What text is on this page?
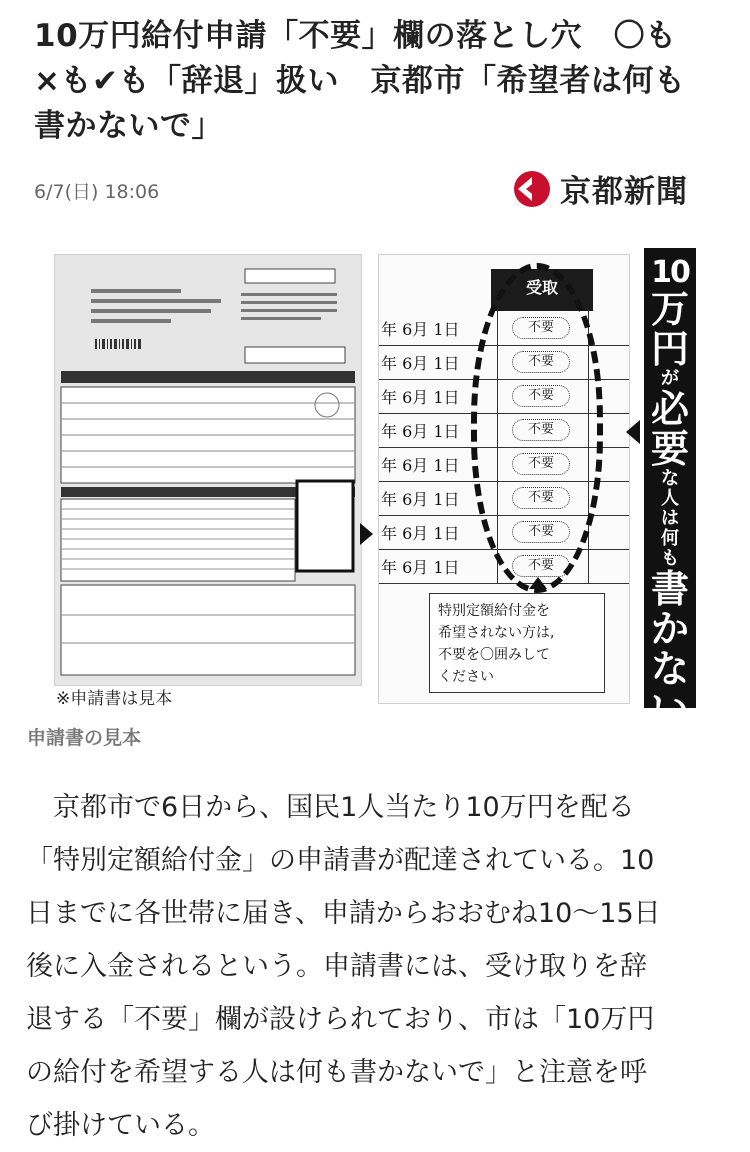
10万円給付申請「不要」欄の落とし穴　〇も
×も✔も「辞退」扱い　京都市「希望者は何も
書かないで」
6/7(日) 18:06	京都新聞
※申請書は見本
受取
年 6月 1日	不要
年 6月 1日	不要
年 6月 1日	不要
年 6月 1日	不要
年 6月 1日	不要
年 6月 1日	不要
年 6月 1日	不要
年 6月 1日	不要
特別定額給付金を
希望されない方は,
不要を〇囲みして
ください
10
万
円
が
必
要
な
人
は
何
も
書
か
な
い
申請書の見本
　京都市で6日から、国民1人当たり10万円を配る
「特別定額給付金」の申請書が配達されている。10
日までに各世帯に届き、申請からおおむね10〜15日
後に入金されるという。申請書には、受け取りを辞
退する「不要」欄が設けられており、市は「10万円
の給付を希望する人は何も書かないで」と注意を呼
び掛けている。
